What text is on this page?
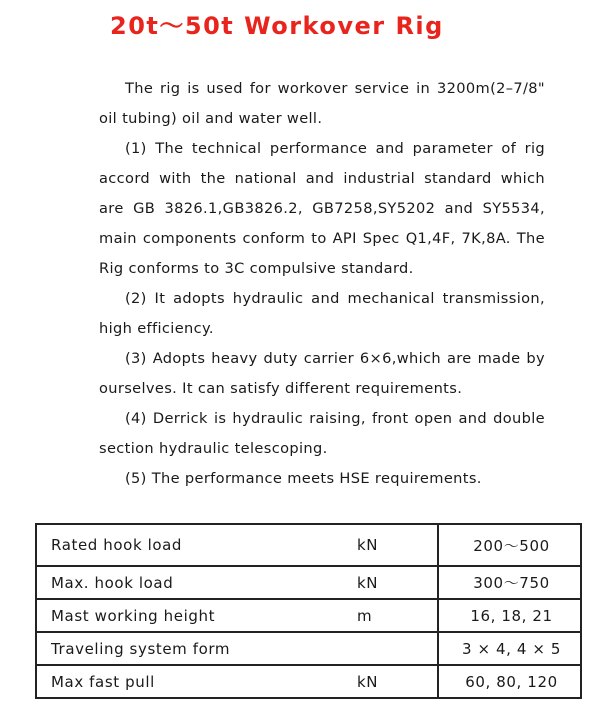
20t～50t Workover Rig

The rig is used for workover service in 3200m(2–7/8" oil tubing) oil and water well.

(1) The technical performance and parameter of rig accord with the national and industrial standard which are GB 3826.1,GB3826.2, GB7258,SY5202 and SY5534, main components conform to API Spec Q1,4F, 7K,8A. The Rig conforms to 3C compulsive standard.

(2) It adopts hydraulic and mechanical transmission, high efficiency.

(3) Adopts heavy duty carrier 6×6,which are made by ourselves. It can satisfy different requirements.

(4) Derrick is hydraulic raising, front open and double section hydraulic telescoping.

(5) The performance meets HSE requirements.

Rated hook load	kN	200～500
Max. hook load	kN	300～750
Mast working height	m	16, 18, 21
Traveling system form		3 × 4, 4 × 5
Max fast pull	kN	60, 80, 120
